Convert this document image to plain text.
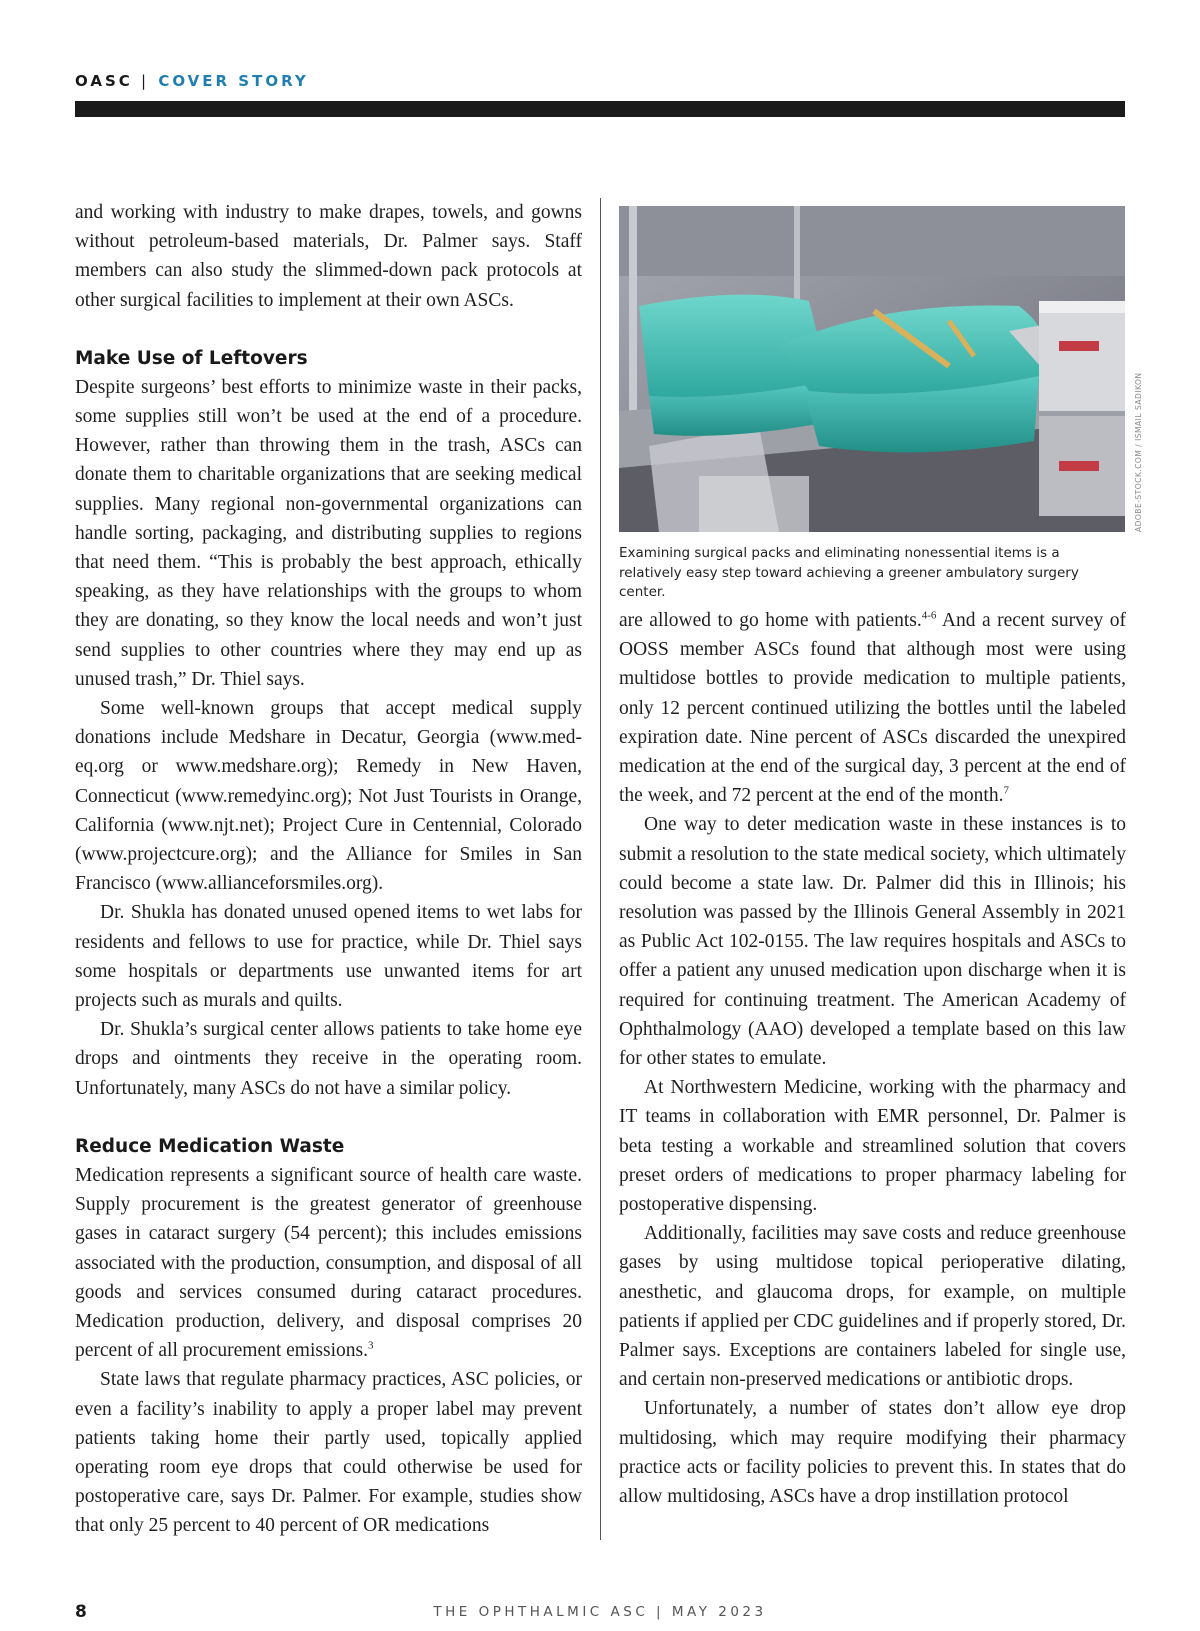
OASC | COVER STORY

and working with industry to make drapes, towels, and gowns without petroleum-based materials, Dr. Palmer says. Staff members can also study the slimmed-down pack protocols at other surgical facilities to implement at their own ASCs.

Make Use of Leftovers

Despite surgeons’ best efforts to minimize waste in their packs, some supplies still won’t be used at the end of a procedure. However, rather than throwing them in the trash, ASCs can donate them to charitable organizations that are seeking medical supplies. Many regional non-governmental organizations can handle sorting, packaging, and distributing supplies to regions that need them. “This is probably the best approach, ethically speaking, as they have relationships with the groups to whom they are donating, so they know the local needs and won’t just send supplies to other countries where they may end up as unused trash,” Dr. Thiel says.

Some well-known groups that accept medical supply donations include Medshare in Decatur, Georgia (www.med-eq.org or www.medshare.org); Remedy in New Haven, Connecticut (www.remedyinc.org); Not Just Tourists in Orange, California (www.njt.net); Project Cure in Centennial, Colorado (www.projectcure.org); and the Alliance for Smiles in San Francisco (www.allianceforsmiles.org).

Dr. Shukla has donated unused opened items to wet labs for residents and fellows to use for practice, while Dr. Thiel says some hospitals or departments use unwanted items for art projects such as murals and quilts.

Dr. Shukla’s surgical center allows patients to take home eye drops and ointments they receive in the operating room. Unfortunately, many ASCs do not have a similar policy.

Reduce Medication Waste

Medication represents a significant source of health care waste. Supply procurement is the greatest generator of greenhouse gases in cataract surgery (54 percent); this includes emissions associated with the production, consumption, and disposal of all goods and services consumed during cataract procedures. Medication production, delivery, and disposal comprises 20 percent of all procurement emissions.$^3$

State laws that regulate pharmacy practices, ASC policies, or even a facility’s inability to apply a proper label may prevent patients taking home their partly used, topically applied operating room eye drops that could otherwise be used for postoperative care, says Dr. Palmer. For example, studies show that only 25 percent to 40 percent of OR medications

ADOBE-STOCK.COM / ISMAIL SADIKON
Examining surgical packs and eliminating nonessential items is a relatively easy step toward achieving a greener ambulatory surgery center.

are allowed to go home with patients.$^{4-6}$ And a recent survey of OOSS member ASCs found that although most were using multidose bottles to provide medication to multiple patients, only 12 percent continued utilizing the bottles until the labeled expiration date. Nine percent of ASCs discarded the unexpired medication at the end of the surgical day, 3 percent at the end of the week, and 72 percent at the end of the month.$^7$

One way to deter medication waste in these instances is to submit a resolution to the state medical society, which ultimately could become a state law. Dr. Palmer did this in Illinois; his resolution was passed by the Illinois General Assembly in 2021 as Public Act 102-0155. The law requires hospitals and ASCs to offer a patient any unused medication upon discharge when it is required for continuing treatment. The American Academy of Ophthalmology (AAO) developed a template based on this law for other states to emulate.

At Northwestern Medicine, working with the pharmacy and IT teams in collaboration with EMR personnel, Dr. Palmer is beta testing a workable and streamlined solution that covers preset orders of medications to proper pharmacy labeling for postoperative dispensing.

Additionally, facilities may save costs and reduce greenhouse gases by using multidose topical perioperative dilating, anesthetic, and glaucoma drops, for example, on multiple patients if applied per CDC guidelines and if properly stored, Dr. Palmer says. Exceptions are containers labeled for single use, and certain non-preserved medications or antibiotic drops.

Unfortunately, a number of states don’t allow eye drop multidosing, which may require modifying their pharmacy practice acts or facility policies to prevent this. In states that do allow multidosing, ASCs have a drop instillation protocol

8	THE OPHTHALMIC ASC | MAY 2023
